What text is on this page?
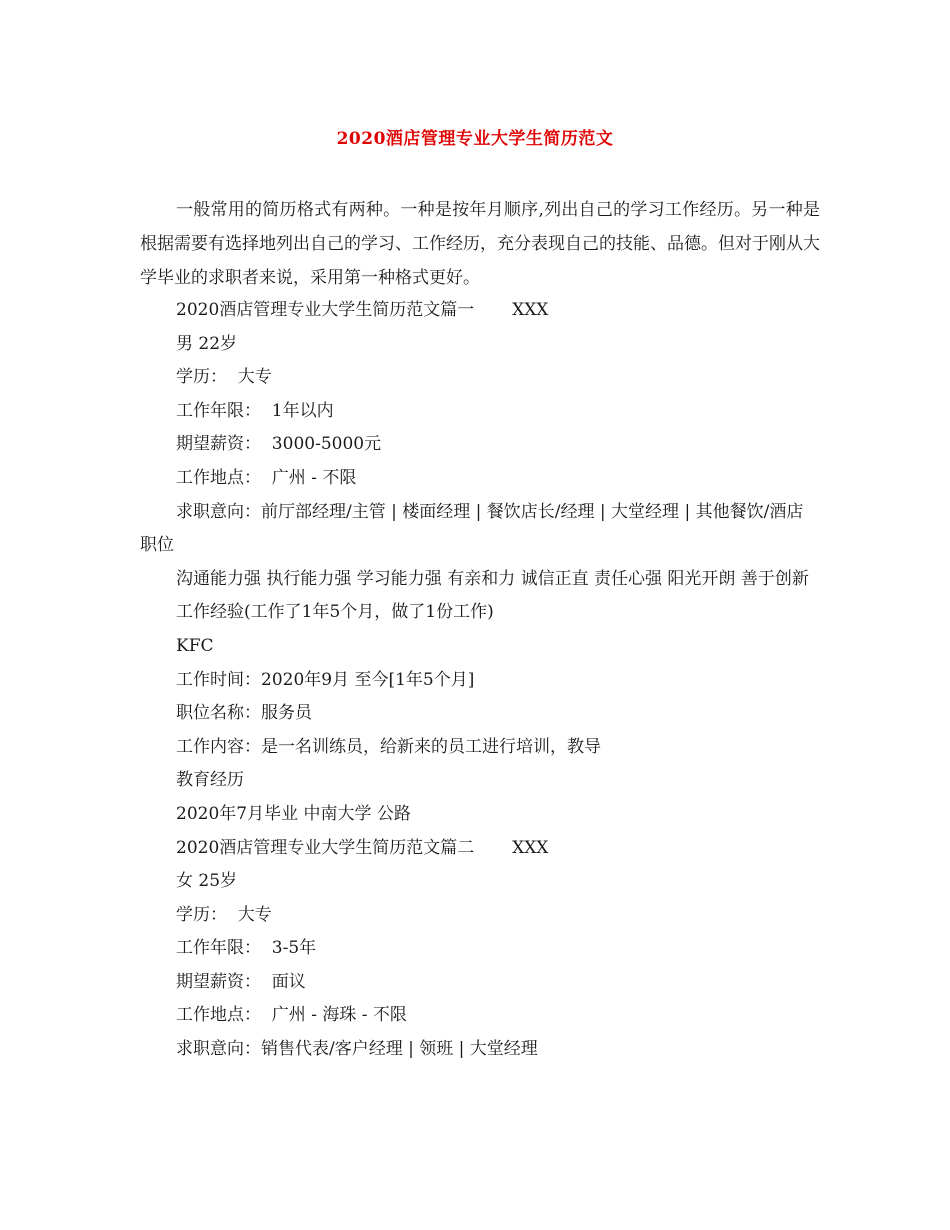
2020酒店管理专业大学生简历范文

一般常用的简历格式有两种。一种是按年月顺序,列出自己的学习工作经历。另一种是根据需要有选择地列出自己的学习、工作经历，充分表现自己的技能、品德。但对于刚从大学毕业的求职者来说，采用第一种格式更好。

2020酒店管理专业大学生简历范文篇一       XXX
男 22岁
学历：  大专
工作年限：  1年以内
期望薪资：  3000-5000元
工作地点：  广州 - 不限
求职意向：前厅部经理/主管 | 楼面经理 | 餐饮店长/经理 | 大堂经理 | 其他餐饮/酒店职位
沟通能力强 执行能力强 学习能力强 有亲和力 诚信正直 责任心强 阳光开朗 善于创新
工作经验(工作了1年5个月，做了1份工作)
KFC
工作时间：2020年9月 至今[1年5个月]
职位名称：服务员
工作内容：是一名训练员，给新来的员工进行培训，教导
教育经历
2020年7月毕业 中南大学 公路
2020酒店管理专业大学生简历范文篇二       XXX
女 25岁
学历：  大专
工作年限：  3-5年
期望薪资：  面议
工作地点：  广州 - 海珠 - 不限
求职意向：销售代表/客户经理 | 领班 | 大堂经理
